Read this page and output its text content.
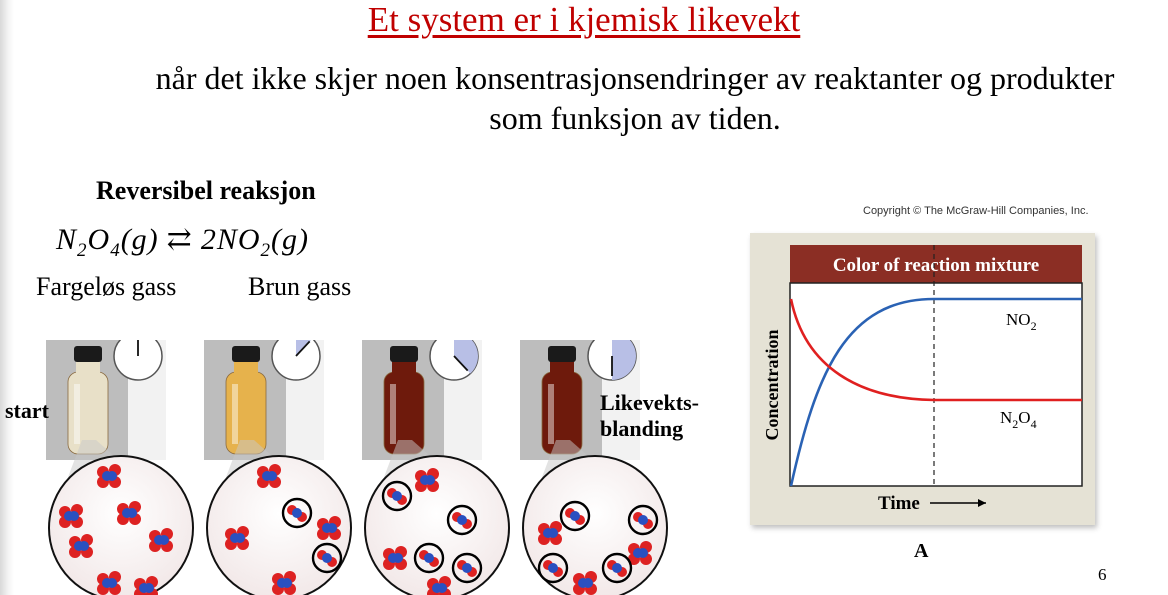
Et system er i kjemisk likevekt
når det ikke skjer noen konsentrasjonsendringer av reaktanter og produkter
som funksjon av tiden.
Reversibel reaksjon
$N_2O_4(g)$ ⇄ $2NO_2(g)$
Fargeløs gass	Brun gass
start	Likevekts-
blanding
Copyright © The McGraw-Hill Companies, Inc.
Color of reaction mixture
$NO_2$
$N_2O_4$
Concentration
Time
A
6
